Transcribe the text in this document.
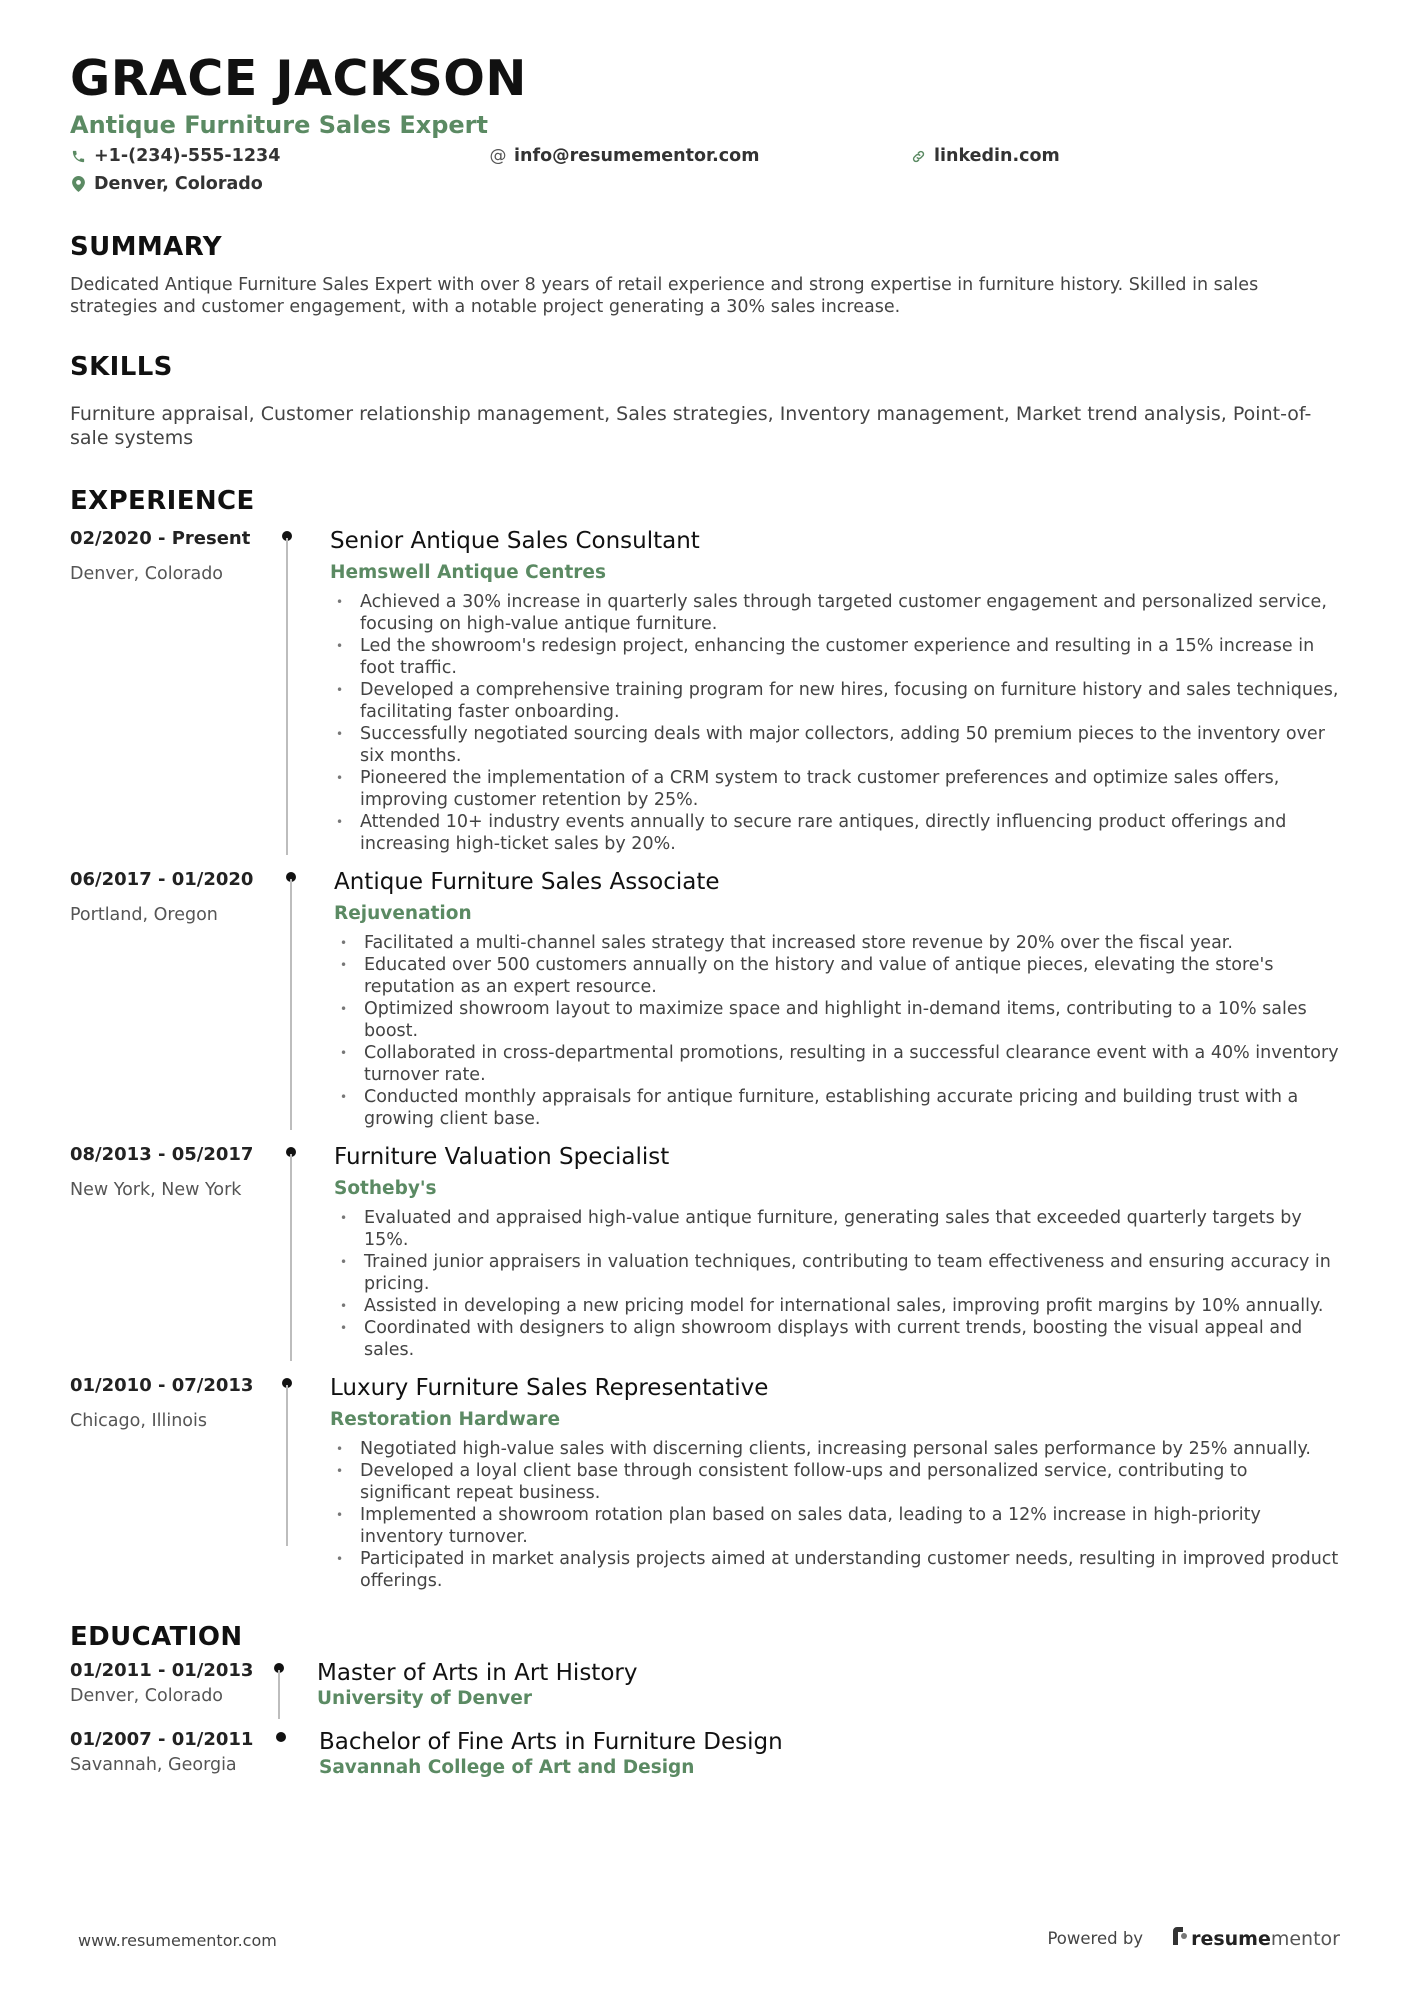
GRACE JACKSON
Antique Furniture Sales Expert
+1-(234)-555-1234	@ info@resumementor.com	linkedin.com
Denver, Colorado
SUMMARY

Dedicated Antique Furniture Sales Expert with over 8 years of retail experience and strong expertise in furniture history. Skilled in sales strategies and customer engagement, with a notable project generating a 30% sales increase.

SKILLS

Furniture appraisal, Customer relationship management, Sales strategies, Inventory management, Market trend analysis, Point-of-sale systems

EXPERIENCE
02/2020 - Present
Denver, Colorado
Senior Antique Sales Consultant
Hemswell Antique Centres
• Achieved a 30% increase in quarterly sales through targeted customer engagement and personalized service, focusing on high-value antique furniture.
• Led the showroom's redesign project, enhancing the customer experience and resulting in a 15% increase in foot traffic.
• Developed a comprehensive training program for new hires, focusing on furniture history and sales techniques, facilitating faster onboarding.
• Successfully negotiated sourcing deals with major collectors, adding 50 premium pieces to the inventory over six months.
• Pioneered the implementation of a CRM system to track customer preferences and optimize sales offers, improving customer retention by 25%.
• Attended 10+ industry events annually to secure rare antiques, directly influencing product offerings and increasing high-ticket sales by 20%.
06/2017 - 01/2020
Portland, Oregon
Antique Furniture Sales Associate
Rejuvenation
• Facilitated a multi-channel sales strategy that increased store revenue by 20% over the fiscal year.
• Educated over 500 customers annually on the history and value of antique pieces, elevating the store's reputation as an expert resource.
• Optimized showroom layout to maximize space and highlight in-demand items, contributing to a 10% sales boost.
• Collaborated in cross-departmental promotions, resulting in a successful clearance event with a 40% inventory turnover rate.
• Conducted monthly appraisals for antique furniture, establishing accurate pricing and building trust with a growing client base.
08/2013 - 05/2017
New York, New York
Furniture Valuation Specialist
Sotheby's
• Evaluated and appraised high-value antique furniture, generating sales that exceeded quarterly targets by 15%.
• Trained junior appraisers in valuation techniques, contributing to team effectiveness and ensuring accuracy in pricing.
• Assisted in developing a new pricing model for international sales, improving profit margins by 10% annually.
• Coordinated with designers to align showroom displays with current trends, boosting the visual appeal and sales.
01/2010 - 07/2013
Chicago, Illinois
Luxury Furniture Sales Representative
Restoration Hardware
• Negotiated high-value sales with discerning clients, increasing personal sales performance by 25% annually.
• Developed a loyal client base through consistent follow-ups and personalized service, contributing to significant repeat business.
• Implemented a showroom rotation plan based on sales data, leading to a 12% increase in high-priority inventory turnover.
• Participated in market analysis projects aimed at understanding customer needs, resulting in improved product offerings.
EDUCATION
01/2011 - 01/2013
Denver, Colorado
Master of Arts in Art History
University of Denver
01/2007 - 01/2011
Savannah, Georgia
Bachelor of Fine Arts in Furniture Design
Savannah College of Art and Design
www.resumementor.com	Powered by	resume mentor
